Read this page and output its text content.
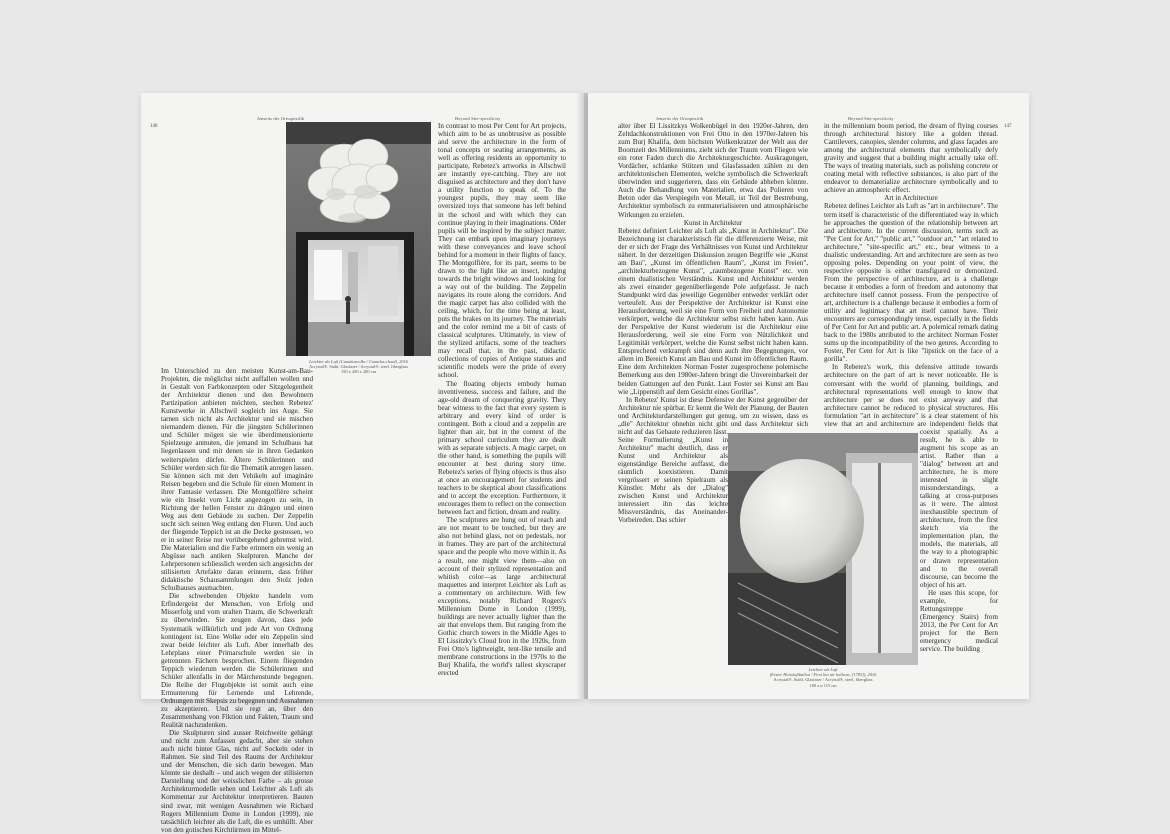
Jenseits der Ortsspezifik	Beyond Site-specificity
146

Im Unterschied zu den meisten Kunst-am-Bau-Projekten, die möglichst nicht auffallen wollen und in Gestalt von Farbkonzepten oder Sitzgelegenheit der Architektur dienen und den Bewohnern Partizipation anbieten möchten, stechen Rebetez' Kunstwerke in Allschwil sogleich ins Auge. Sie tarnen sich nicht als Architektur und sie mischen niemandem dienen. Für die jüngsten Schülerinnen und Schüler mögen sie wie überdimensionierte Spielzeuge anmuten, die jemand im Schulhaus hat liegenlassen und mit denen sie in ihren Gedanken weiterspielen dürfen. Ältere Schülerinnen und Schüler werden sich für die Thematik anregen lassen. Sie können sich mit den Vehikeln auf imaginäre Reisen begeben und die Schule für einen Moment in ihrer Fantasie verlassen. Die Montgolfière scheint wie ein Insekt vom Licht angezogen zu sein, in Richtung der hellen Fenster zu drängen und einen Weg aus dem Gebäude zu suchen. Der Zeppelin sucht sich seinen Weg entlang den Fluren. Und auch der fliegende Teppich ist an die Decke gestossen, wo er in seiner Reise nur vorübergehend gebremst wird. Die Materialien und die Farbe erinnern ein wenig an Abgüsse nach antiken Skulpturen. Manche der Lehrpersonen schliesslich werden sich angesichts der stilisierten Artefakte daran erinnern, dass früher didaktische Schausammlungen den Stolz jeden Schulhauses ausmachten.

Die schwebenden Objekte handeln vom Erfindergeist der Menschen, von Erfolg und Misserfolg und vom uralten Traum, die Schwerkraft zu überwinden. Sie zeugen davon, dass jede Systematik willkürlich und jede Art von Ordnung kontingent ist. Eine Wolke oder ein Zeppelin sind zwar beide leichter als Luft. Aber innerhalb des Lehrplans einer Primarschule werden sie in getrennten Fächern besprochen. Einem fliegenden Teppich wiederum werden die Schülerinnen und Schüler allenfalls in der Märchenstunde begegnen. Die Reihe der Flugobjekte ist somit auch eine Ermunterung für Lernende und Lehrende, Ordnungen mit Skepsis zu begegnen und Ausnahmen zu akzeptieren. Und sie regt an, über den Zusammenhang von Fiktion und Fakten, Traum und Realität nachzudenken.

Die Skulpturen sind ausser Reichweite gehängt und nicht zum Anfassen gedacht, aber sie stehen auch nicht hinter Glas, nicht auf Sockeln oder in Rahmen. Sie sind Teil des Raums der Architektur und der Menschen, die sich darin bewegen. Man könnte sie deshalb – und auch wegen der stilisierten Darstellung und der weisslichen Farbe – als grosse Architekturmodelle sehen und Leichter als Luft als Kommentar zur Architektur interpretieren. Bauten sind zwar, mit wenigen Ausnahmen wie Richard Rogers Millennium Dome in London (1999), nie tatsächlich leichter als die Luft, die es umhüllt. Aber von den gotischen Kirchtürmen im Mittel-

Leichter als Luft (Cumulusvolke / Cumulus cloud), 2016
Acrystal®, Stahl, Glasfaser / Acrystal®, steel, fiberglass
150 x 200 x 280 cm

In contrast to most Per Cent for Art projects, which aim to be as unobtrusive as possible and serve the architecture in the form of tonal concepts or seating arrangements, as well as offering residents an opportunity to participate, Rebetez's artworks in Allschwil are instantly eye-catching. They are not disguised as architecture and they don't have a utility function to speak of. To the youngest pupils, they may seem like oversized toys that someone has left behind in the school and with which they can continue playing in their imaginations. Older pupils will be inspired by the subject matter. They can embark upon imaginary journeys with these conveyances and leave school behind for a moment in their flights of fancy. The Montgolfière, for its part, seems to be drawn to the light like an insect, nudging towards the bright windows and looking for a way out of the building. The Zeppelin navigates its route along the corridors. And the magic carpet has also collided with the ceiling, which, for the time being at least, puts the brakes on its journey. The materials and the color remind me a bit of casts of classical sculptures. Ultimately, in view of the stylized artifacts, some of the teachers may recall that, in the past, didactic collections of copies of Antique statues and scientific models were the pride of every school.

The floating objects embody human inventiveness, success and failure, and the age-old dream of conquering gravity. They bear witness to the fact that every system is arbitrary and every kind of order is contingent. Both a cloud and a zeppelin are lighter than air, but in the context of the primary school curriculum they are dealt with as separate subjects. A magic carpet, on the other hand, is something the pupils will encounter at best during story time. Rebetez's series of flying objects is thus also at once an encouragement for students and teachers to be skeptical about classifications and to accept the exception. Furthermore, it encourages them to reflect on the connection between fact and fiction, dream and reality.

The sculptures are hung out of reach and are not meant to be touched, but they are also not behind glass, not on pedestals, nor in frames. They are part of the architectural space and the people who move within it. As a result, one might view them—also on account of their stylized representation and whitish color—as large architectural maquettes and interpret Leichter als Luft as a commentary on architecture. With few exceptions, notably Richard Rogers's Millennium Dome in London (1999), buildings are never actually lighter than the air that envelops them. But ranging from the Gothic church towers in the Middle Ages to El Lissitzky's Cloud Iron in the 1920s, from Frei Otto's lightweight, tent-like tensile and membrane constructions in the 1970s to the Burj Khalifa, the world's tallest skyscraper erected

Jenseits der Ortsspezifik	Beyond Site-specificity
147

alter über El Lissitzkys Wolkenbügel in den 1920er-Jahren, den Zeltdachkonstruktionen von Frei Otto in den 1970er-Jahren bis zum Burj Khalifa, dem höchsten Wolkenkratzer der Welt aus der Boomzeit des Millenniums, zieht sich der Traum vom Fliegen wie ein roter Faden durch die Architekturgeschichte. Auskragungen, Vordächer, schlanke Stützen und Glasfassaden zählen zu den architektonischen Elementen, welche symbolisch die Schwerkraft überwinden und suggerieren, dass ein Gebäude abheben könnte. Auch die Behandlung von Materialien, etwa das Polieren von Beton oder das Verspiegeln von Metall, ist Teil der Bestrebung, Architektur symbolisch zu entmaterialisieren und atmosphärische Wirkungen zu erzielen.

Kunst in Architektur

Rebetez definiert Leichter als Luft als „Kunst in Architektur". Die Bezeichnung ist charakteristisch für die differenzierte Weise, mit der er sich der Frage des Verhältnisses von Kunst und Architektur nähert. In der derzeitigen Diskussion zeugen Begriffe wie „Kunst am Bau", „Kunst im öffentlichen Raum", „Kunst im Freien", „architekturbezogene Kunst", „raumbezogene Kunst" etc. von einem dualistischen Verständnis. Kunst und Architektur werden als zwei einander gegenüberliegende Pole aufgefasst. Je nach Standpunkt wird das jeweilige Gegenüber entweder verklärt oder verteufelt. Aus der Perspektive der Architektur ist Kunst eine Herausforderung, weil sie eine Form von Freiheit und Autonomie verkörpert, welche die Architektur selbst nicht haben kann. Aus der Perspektive der Kunst wiederum ist die Architektur eine Herausforderung, weil sie eine Form von Nützlichkeit und Legitimität verkörpert, welche die Kunst selbst nicht haben kann. Entsprechend verkrampft sind denn auch ihre Begegnungen, vor allem im Bereich Kunst am Bau und Kunst im öffentlichen Raum. Eine dem Architekten Norman Foster zugesprochene polemische Bemerkung aus den 1980er-Jahren bringt die Unvereinbarkeit der beiden Gattungen auf den Punkt. Laut Foster sei Kunst am Bau wie „Lippenstift auf dem Gesicht eines Gorillas".

In Rebetez' Kunst ist diese Defensive der Kunst gegenüber der Architektur nie spürbar. Er kennt die Welt der Planung, der Bauten und Architekturdarstellungen gut genug, um zu wissen, dass es „die" Architektur ohnehin nicht gibt und dass Architektur sich nicht auf das Gebaute reduzieren lässt. Seine Formulierung „Kunst in Architektur" macht deutlich, dass er Kunst und Architektur als eigenständige Bereiche auffasst, die räumlich koexistieren. Damit vergrössert er seinen Spielraum als Künstler. Mehr als der „Dialog" zwischen Kunst und Architektur interessiert ihn das leichte Missverständnis, das Aneinander-Vorbeireden. Das schier

Leichter als Luft
(Erster Heissluftballon / First hot air balloon, [1783]), 2016
Acrystal®, Stahl, Glasfaser / Acrystal®, steel, fiberglass
180 x ø 115 cm

in the millennium boom period, the dream of flying courses through architectural history like a golden thread. Cantilevers, canopies, slender columns, and glass façades are among the architectural elements that symbolically defy gravity and suggest that a building might actually take off. The ways of treating materials, such as polishing concrete or coating metal with reflective substances, is also part of the endeavor to dematerialize architecture symbolically and to achieve an atmospheric effect.

Art in Architecture

Rebetez defines Leichter als Luft as "art in architecture". The term itself is characteristic of the differentiated way in which he approaches the question of the relationship between art and architecture. In the current discussion, terms such as "Per Cent for Art," "public art," "outdoor art," "art related to architecture," "site-specific art," etc., bear witness to a dualistic understanding. Art and architecture are seen as two opposing poles. Depending on your point of view, the respective opposite is either transfigured or demonized. From the perspective of architecture, art is a challenge because it embodies a form of freedom and autonomy that architecture itself cannot possess. From the perspective of art, architecture is a challenge because it embodies a form of utility and legitimacy that art itself cannot have. Their encounters are correspondingly tense, especially in the fields of Per Cent for Art and public art. A polemical remark dating back to the 1980s attributed to the architect Norman Foster sums up the incompatibility of the two genres. According to Foster, Per Cent for Art is like "lipstick on the face of a gorilla".

In Rebetez's work, this defensive attitude towards architecture on the part of art is never noticeable. He is conversant with the world of planning, buildings, and architectural representations well enough to know that architecture per se does not exist anyway and that architecture cannot be reduced to physical structures. His formulation "art in architecture" is a clear statement of his view that art and architecture are independent fields that coexist spatially. As a result, he is able to augment his scope as an artist. Rather than a "dialog" between art and architecture, he is more interested in slight misunderstandings, a talking at cross-purposes as it were. The almost inexhaustible spectrum of architecture, from the first sketch via the implementation plan, the models, the materials, all the way to a photographic or drawn representation and to the overall discourse, can become the object of his art.

He uses this scope, for example, for Rettungstreppe (Emergency Stairs) from 2013, the Per Cent for Art project for the Bern emergency medical service. The building
